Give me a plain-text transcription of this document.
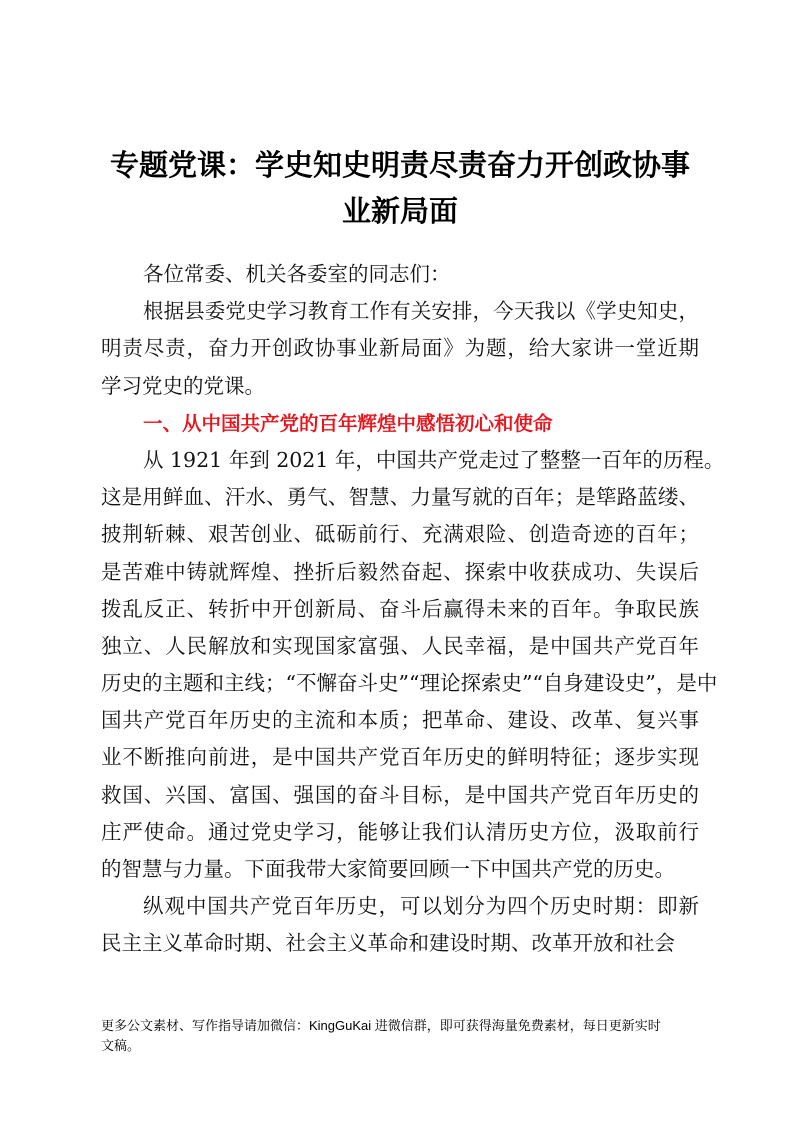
专题党课：学史知史明责尽责奋力开创政协事
业新局面
各位常委、机关各委室的同志们：
根据县委党史学习教育工作有关安排，今天我以《学史知史，
明责尽责，奋力开创政协事业新局面》为题，给大家讲一堂近期
学习党史的党课。
一、从中国共产党的百年辉煌中感悟初心和使命
从 1921 年到 2021 年，中国共产党走过了整整一百年的历程。
这是用鲜血、汗水、勇气、智慧、力量写就的百年；是筚路蓝缕、
披荆斩棘、艰苦创业、砥砺前行、充满艰险、创造奇迹的百年；
是苦难中铸就辉煌、挫折后毅然奋起、探索中收获成功、失误后
拨乱反正、转折中开创新局、奋斗后赢得未来的百年。争取民族
独立、人民解放和实现国家富强、人民幸福，是中国共产党百年
历史的主题和主线；“不懈奋斗史”“理论探索史”“自身建设史”，是中
国共产党百年历史的主流和本质；把革命、建设、改革、复兴事
业不断推向前进，是中国共产党百年历史的鲜明特征；逐步实现
救国、兴国、富国、强国的奋斗目标，是中国共产党百年历史的
庄严使命。通过党史学习，能够让我们认清历史方位，汲取前行
的智慧与力量。下面我带大家简要回顾一下中国共产党的历史。
纵观中国共产党百年历史，可以划分为四个历史时期：即新
民主主义革命时期、社会主义革命和建设时期、改革开放和社会
更多公文素材、写作指导请加微信：KingGuKai 进微信群，即可获得海量免费素材，每日更新实时
文稿。
